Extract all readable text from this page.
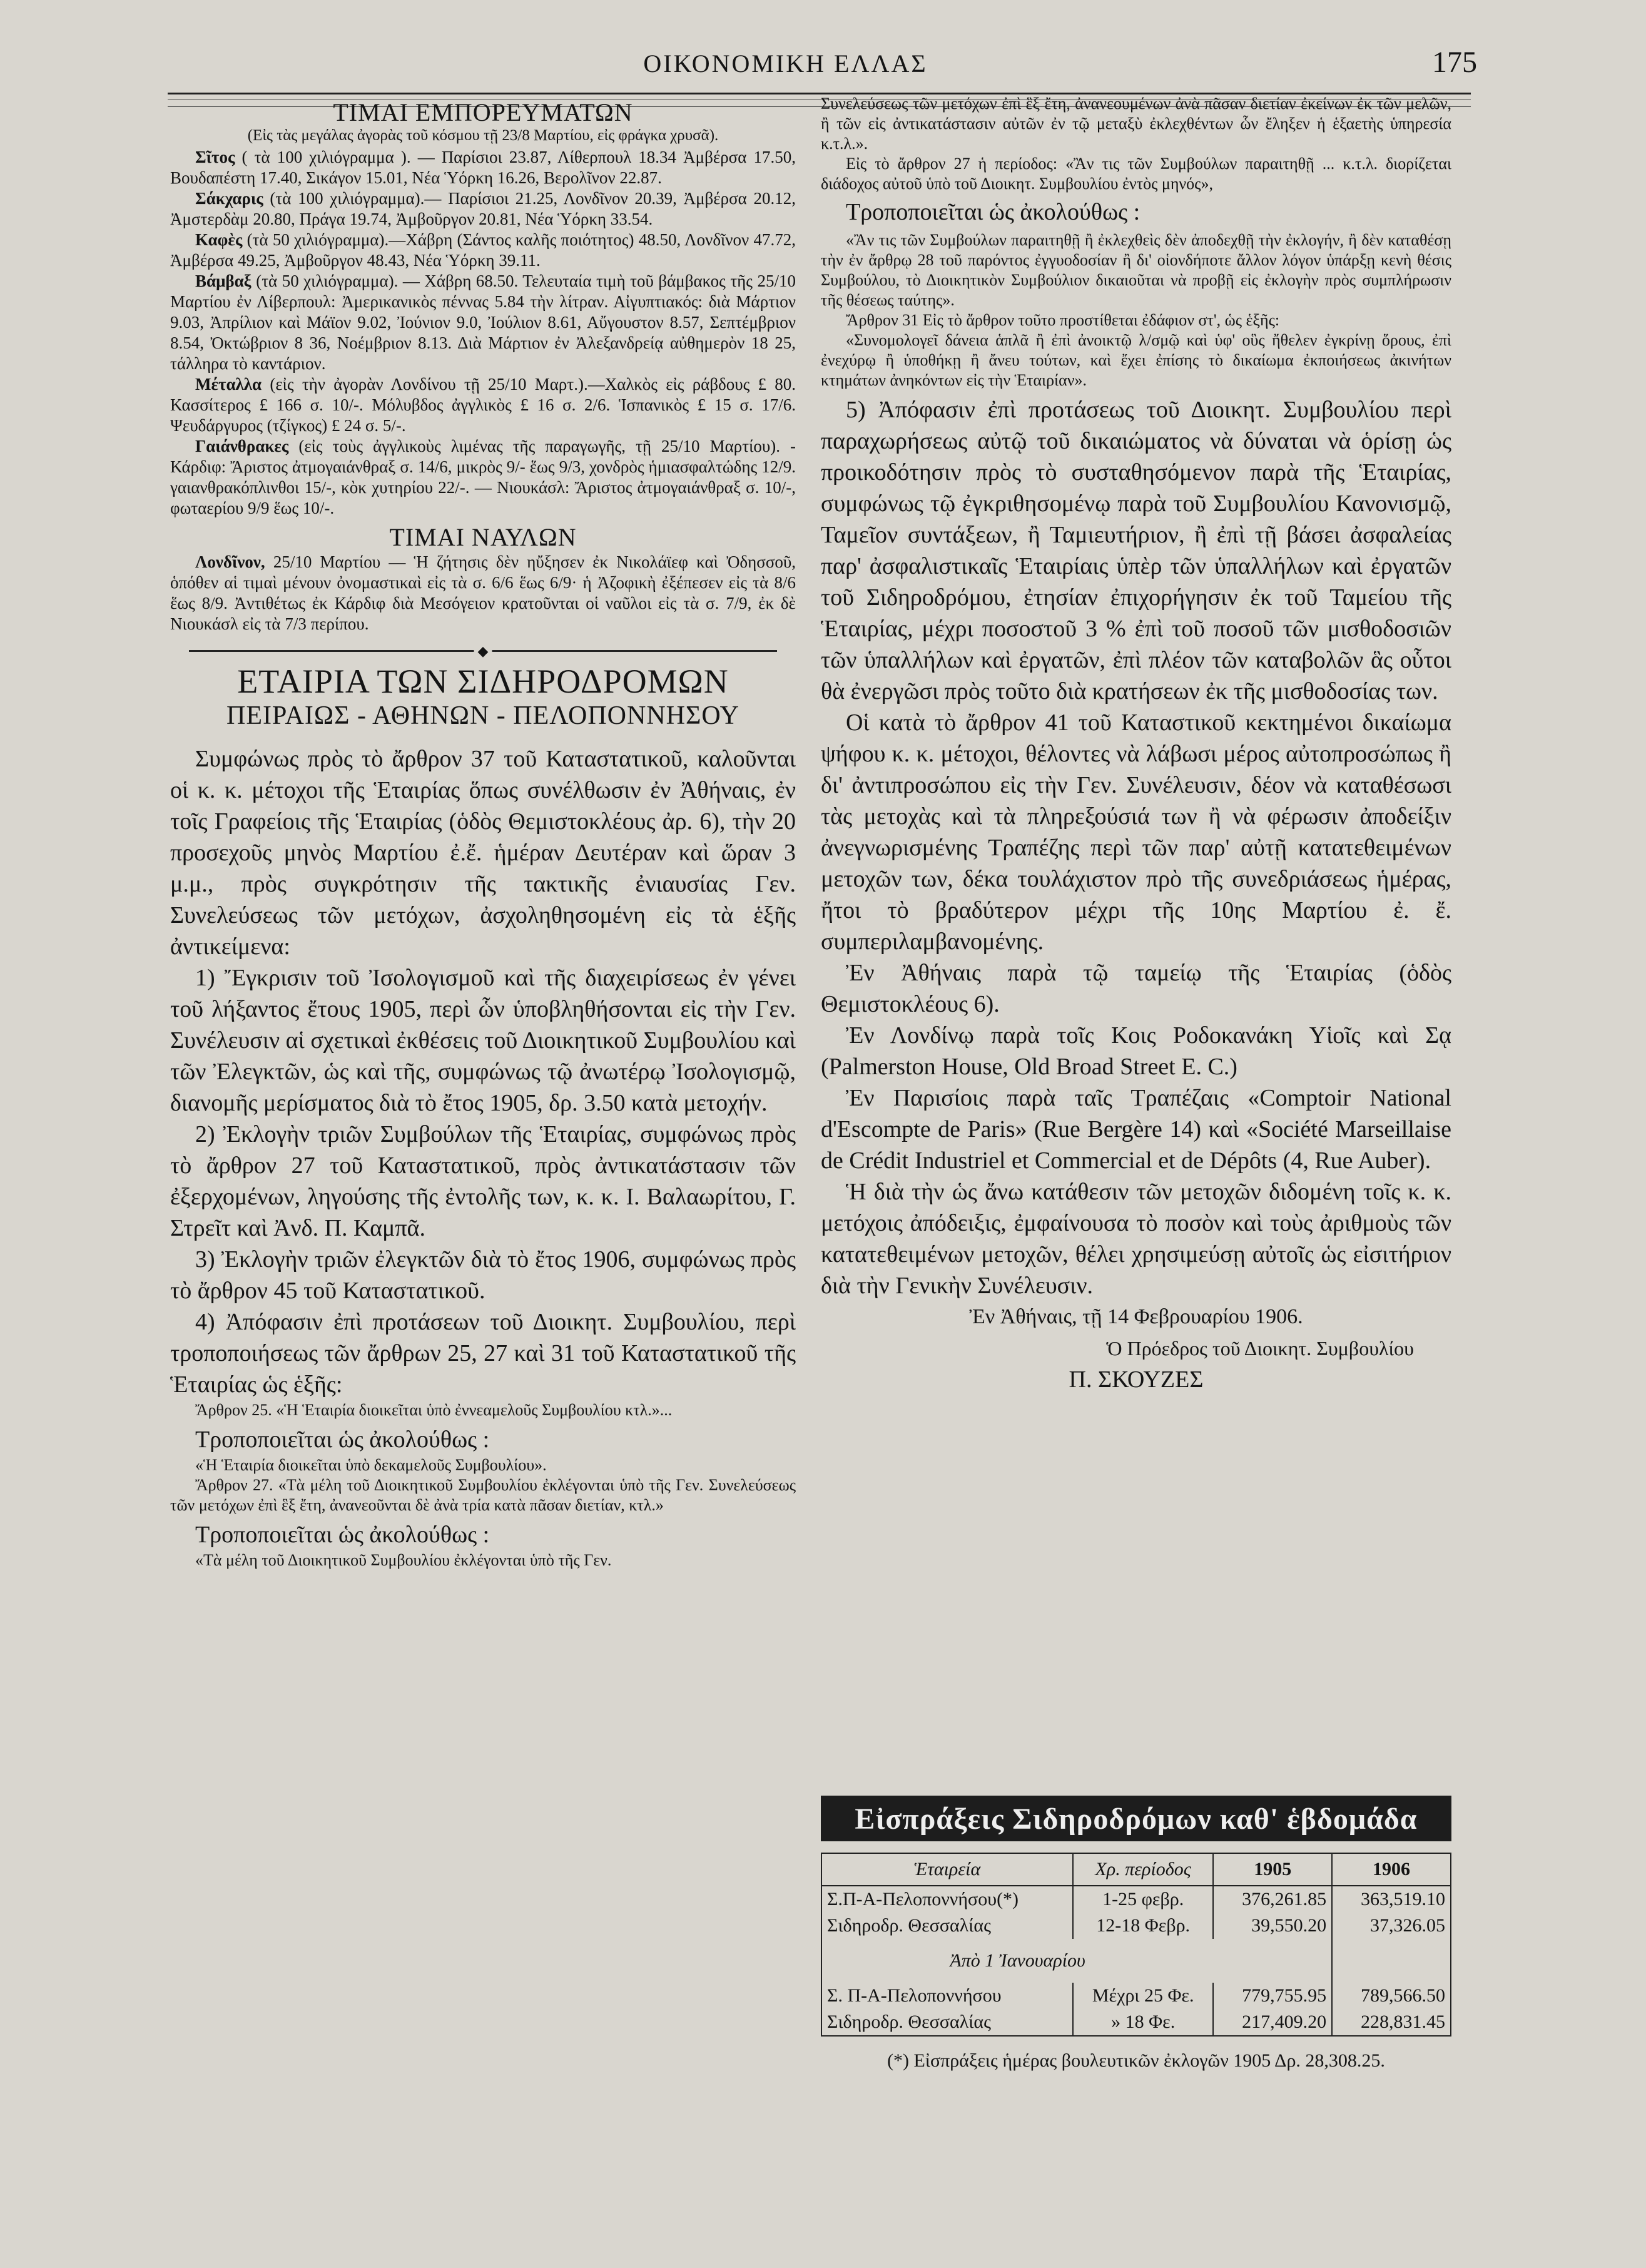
ΟΙΚΟΝΟΜΙΚΗ ΕΛΛΑΣ	175
ΤΙΜΑΙ ΕΜΠΟΡΕΥΜΑΤΩΝ
(Εἰς τὰς μεγάλας ἀγορὰς τοῦ κόσμου τῇ 23/8 Μαρτίου, εἰς φράγκα χρυσᾶ).

Σῖτος ( τὰ 100 χιλιόγραμμα ). — Παρίσιοι 23.87, Λίθερπουλ 18.34 Ἀμβέρσα 17.50, Βουδαπέστη 17.40, Σικάγον 15.01, Νέα Ὑόρκη 16.26, Βερολῖνον 22.87.

Σάκχαρις (τὰ 100 χιλιόγραμμα).— Παρίσιοι 21.25, Λονδῖνον 20.39, Ἀμβέρσα 20.12, Ἀμστερδὰμ 20.80, Πράγα 19.74, Ἀμβοῦργον 20.81, Νέα Ὑόρκη 33.54.

Καφὲς (τὰ 50 χιλιόγραμμα).—Χάβρη (Σάντος καλῆς ποιότητος) 48.50, Λονδῖνον 47.72, Ἀμβέρσα 49.25, Ἀμβοῦργον 48.43, Νέα Ὑόρκη 39.11.

Βάμβαξ (τὰ 50 χιλιόγραμμα). — Χάβρη 68.50. Τελευταία τιμὴ τοῦ βάμβακος τῆς 25/10 Μαρτίου ἐν Λίβερπουλ: Ἀμερικανικὸς πέννας 5.84 τὴν λίτραν. Αἰγυπτιακός: διὰ Μάρτιον 9.03, Ἀπρίλιον καὶ Μάϊον 9.02, Ἰούνιον 9.0, Ἰούλιον 8.61, Αὔγουστον 8.57, Σεπτέμβριον 8.54, Ὀκτώβριον 8 36, Νοέμβριον 8.13. Διὰ Μάρτιον ἐν Ἀλεξανδρείᾳ αὐθημερὸν 18 25, τάλληρα τὸ καντάριον.

Μέταλλα (εἰς τὴν ἀγορὰν Λονδίνου τῇ 25/10 Μαρτ.).—Χαλκὸς εἰς ράβδους £ 80. Κασσίτερος £ 166 σ. 10/-. Μόλυβδος ἀγγλικὸς £ 16 σ. 2/6. Ἱσπανικὸς £ 15 σ. 17/6. Ψευδάργυρος (τζίγκος) £ 24 σ. 5/-.

Γαιάνθρακες (εἰς τοὺς ἀγγλικοὺς λιμένας τῆς παραγωγῆς, τῇ 25/10 Μαρτίου). - Κάρδιφ: Ἄριστος ἀτμογαιάνθραξ σ. 14/6, μικρὸς 9/- ἕως 9/3, χονδρὸς ἡμιασφαλτώδης 12/9. γαιανθρακόπλινθοι 15/-, κὸκ χυτηρίου 22/-. — Νιουκάσλ: Ἄριστος ἀτμογαιάνθραξ σ. 10/-, φωταερίου 9/9 ἕως 10/-.

ΤΙΜΑΙ ΝΑΥΛΩΝ

Λονδῖνον, 25/10 Μαρτίου — Ἡ ζήτησις δὲν ηὔξησεν ἐκ Νικολάϊεφ καὶ Ὀδησσοῦ, ὁπόθεν αἱ τιμαὶ μένουν ὀνομαστικαὶ εἰς τὰ σ. 6/6 ἕως 6/9· ἡ Ἀζοφικὴ ἐξέπεσεν εἰς τὰ 8/6 ἕως 8/9. Ἀντιθέτως ἐκ Κάρδιφ διὰ Μεσόγειον κρατοῦνται οἱ ναῦλοι εἰς τὰ σ. 7/9, ἐκ δὲ Νιουκάσλ εἰς τὰ 7/3 περίπου.

◆
ΕΤΑΙΡΙΑ ΤΩΝ ΣΙΔΗΡΟΔΡΟΜΩΝ
ΠΕΙΡΑΙΩΣ - ΑΘΗΝΩΝ - ΠΕΛΟΠΟΝΝΗΣΟΥ

Συμφώνως πρὸς τὸ ἄρθρον 37 τοῦ Καταστατικοῦ, καλοῦνται οἱ κ. κ. μέτοχοι τῆς Ἑταιρίας ὅπως συνέλθωσιν ἐν Ἀθήναις, ἐν τοῖς Γραφείοις τῆς Ἑταιρίας (ὁδὸς Θεμιστοκλέους ἀρ. 6), τὴν 20 προσεχοῦς μηνὸς Μαρτίου ἐ.ἔ. ἡμέραν Δευτέραν καὶ ὥραν 3 μ.μ., πρὸς συγκρότησιν τῆς τακτικῆς ἐνιαυσίας Γεν. Συνελεύσεως τῶν μετόχων, ἀσχοληθησομένη εἰς τὰ ἑξῆς ἀντικείμενα:

1) Ἔγκρισιν τοῦ Ἰσολογισμοῦ καὶ τῆς διαχειρίσεως ἐν γένει τοῦ λήξαντος ἔτους 1905, περὶ ὧν ὑποβληθήσονται εἰς τὴν Γεν. Συνέλευσιν αἱ σχετικαὶ ἐκθέσεις τοῦ Διοικητικοῦ Συμβουλίου καὶ τῶν Ἐλεγκτῶν, ὡς καὶ τῆς, συμφώνως τῷ ἀνωτέρῳ Ἰσολογισμῷ, διανομῆς μερίσματος διὰ τὸ ἔτος 1905, δρ. 3.50 κατὰ μετοχήν.

2) Ἐκλογὴν τριῶν Συμβούλων τῆς Ἑταιρίας, συμφώνως πρὸς τὸ ἄρθρον 27 τοῦ Καταστατικοῦ, πρὸς ἀντικατάστασιν τῶν ἐξερχομένων, ληγούσης τῆς ἐντολῆς των, κ. κ. Ι. Βαλαωρίτου, Γ. Στρεῖτ καὶ Ἀνδ. Π. Καμπᾶ.

3) Ἐκλογὴν τριῶν ἐλεγκτῶν διὰ τὸ ἔτος 1906, συμφώνως πρὸς τὸ ἄρθρον 45 τοῦ Καταστατικοῦ.

4) Ἀπόφασιν ἐπὶ προτάσεων τοῦ Διοικητ. Συμβουλίου, περὶ τροποποιήσεως τῶν ἄρθρων 25, 27 καὶ 31 τοῦ Καταστατικοῦ τῆς Ἑταιρίας ὡς ἑξῆς:

Ἄρθρον 25. «Ἡ Ἑταιρία διοικεῖται ὑπὸ ἐννεαμελοῦς Συμβουλίου κτλ.»...

Τροποποιεῖται ὡς ἀκολούθως :

«Ἡ Ἑταιρία διοικεῖται ὑπὸ δεκαμελοῦς Συμβουλίου».

Ἄρθρον 27. «Τὰ μέλη τοῦ Διοικητικοῦ Συμβουλίου ἐκλέγονται ὑπὸ τῆς Γεν. Συνελεύσεως τῶν μετόχων ἐπὶ ἓξ ἔτη, ἀνανεοῦνται δὲ ἀνὰ τρία κατὰ πᾶσαν διετίαν, κτλ.»

Τροποποιεῖται ὡς ἀκολούθως :

«Τὰ μέλη τοῦ Διοικητικοῦ Συμβουλίου ἐκλέγονται ὑπὸ τῆς Γεν.

Συνελεύσεως τῶν μετόχων ἐπὶ ἓξ ἔτη, ἀνανεουμένων ἀνὰ πᾶσαν διετίαν ἐκείνων ἐκ τῶν μελῶν, ἢ τῶν εἰς ἀντικατάστασιν αὐτῶν ἐν τῷ μεταξὺ ἐκλεχθέντων ὧν ἔληξεν ἡ ἑξαετὴς ὑπηρεσία κ.τ.λ.».

Εἰς τὸ ἄρθρον 27 ἡ περίοδος: «Ἂν τις τῶν Συμβούλων παραιτηθῇ ... κ.τ.λ. διορίζεται διάδοχος αὐτοῦ ὑπὸ τοῦ Διοικητ. Συμβουλίου ἐντὸς μηνός»,

Τροποποιεῖται ὡς ἀκολούθως :

«Ἂν τις τῶν Συμβούλων παραιτηθῇ ἢ ἐκλεχθεὶς δὲν ἀποδεχθῇ τὴν ἐκλογήν, ἢ δὲν καταθέσῃ τὴν ἐν ἄρθρῳ 28 τοῦ παρόντος ἐγγυοδοσίαν ἢ δι' οἱονδήποτε ἄλλον λόγον ὑπάρξῃ κενὴ θέσις Συμβούλου, τὸ Διοικητικὸν Συμβούλιον δικαιοῦται νὰ προβῇ εἰς ἐκλογὴν πρὸς συμπλήρωσιν τῆς θέσεως ταύτης».

Ἄρθρον 31 Εἰς τὸ ἄρθρον τοῦτο προστίθεται ἐδάφιον στ', ὡς ἑξῆς:

«Συνομολογεῖ δάνεια ἁπλᾶ ἢ ἐπὶ ἀνοικτῷ λ/σμῷ καὶ ὑφ' οὓς ἤθελεν ἐγκρίνῃ ὅρους, ἐπὶ ἐνεχύρῳ ἢ ὑποθήκῃ ἢ ἄνευ τούτων, καὶ ἔχει ἐπίσης τὸ δικαίωμα ἐκποιήσεως ἀκινήτων κτημάτων ἀνηκόντων εἰς τὴν Ἑταιρίαν».

5) Ἀπόφασιν ἐπὶ προτάσεως τοῦ Διοικητ. Συμβουλίου περὶ παραχωρήσεως αὐτῷ τοῦ δικαιώματος νὰ δύναται νὰ ὁρίσῃ ὡς προικοδότησιν πρὸς τὸ συσταθησόμενον παρὰ τῆς Ἑταιρίας, συμφώνως τῷ ἐγκριθησομένῳ παρὰ τοῦ Συμβουλίου Κανονισμῷ, Ταμεῖον συντάξεων, ἢ Ταμιευτήριον, ἢ ἐπὶ τῇ βάσει ἀσφαλείας παρ' ἀσφαλιστικαῖς Ἑταιρίαις ὑπὲρ τῶν ὑπαλλήλων καὶ ἐργατῶν τοῦ Σιδηροδρόμου, ἐτησίαν ἐπιχορήγησιν ἐκ τοῦ Ταμείου τῆς Ἑταιρίας, μέχρι ποσοστοῦ 3 % ἐπὶ τοῦ ποσοῦ τῶν μισθοδοσιῶν τῶν ὑπαλλήλων καὶ ἐργατῶν, ἐπὶ πλέον τῶν καταβολῶν ἃς οὗτοι θὰ ἐνεργῶσι πρὸς τοῦτο διὰ κρατήσεων ἐκ τῆς μισθοδοσίας των.

Οἱ κατὰ τὸ ἄρθρον 41 τοῦ Καταστικοῦ κεκτημένοι δικαίωμα ψήφου κ. κ. μέτοχοι, θέλοντες νὰ λάβωσι μέρος αὐτοπροσώπως ἢ δι' ἀντιπροσώπου εἰς τὴν Γεν. Συνέλευσιν, δέον νὰ καταθέσωσι τὰς μετοχὰς καὶ τὰ πληρεξούσιά των ἢ νὰ φέρωσιν ἀποδείξιν ἀνεγνωρισμένης Τραπέζης περὶ τῶν παρ' αὐτῇ κατατεθειμένων μετοχῶν των, δέκα τουλάχιστον πρὸ τῆς συνεδριάσεως ἡμέρας, ἤτοι τὸ βραδύτερον μέχρι τῆς 10ης Μαρτίου ἐ. ἔ. συμπεριλαμβανομένης.

Ἐν Ἀθήναις παρὰ τῷ ταμείῳ τῆς Ἑταιρίας (ὁδὸς Θεμιστοκλέους 6).

Ἐν Λονδίνῳ παρὰ τοῖς Κοις Ροδοκανάκη Υἱοῖς καὶ Σᾳ (Palmerston House, Old Broad Street E. C.)

Ἐν Παρισίοις παρὰ ταῖς Τραπέζαις «Comptoir National d'Escompte de Paris» (Rue Bergère 14) καὶ «Société Marseillaise de Crédit Industriel et Commercial et de Dépôts (4, Rue Auber).

Ἡ διὰ τὴν ὡς ἄνω κατάθεσιν τῶν μετοχῶν διδομένη τοῖς κ. κ. μετόχοις ἀπόδειξις, ἐμφαίνουσα τὸ ποσὸν καὶ τοὺς ἀριθμοὺς τῶν κατατεθειμένων μετοχῶν, θέλει χρησιμεύσῃ αὐτοῖς ὡς εἰσιτήριον διὰ τὴν Γενικὴν Συνέλευσιν.

Ἐν Ἀθήναις, τῇ 14 Φεβρουαρίου 1906.

Ὁ Πρόεδρος τοῦ Διοικητ. Συμβουλίου

Π. ΣΚΟΥΖΕΣ

Εἰσπράξεις Σιδηροδρόμων καθ' ἑβδομάδα
Ἑταιρεία	Χρ. περίοδος	1905	1906
Σ.Π-Α-Πελοποννήσου(*)	1-25 φεβρ.	376,261.85	363,519.10
Σιδηροδρ. Θεσσαλίας	12-18 Φεβρ.	39,550.20	37,326.05
Ἀπὸ 1 Ἰανουαρίου			
Σ. Π-Α-Πελοποννήσου	Μέχρι 25 Φε.	779,755.95	789,566.50
Σιδηροδρ. Θεσσαλίας	» 18 Φε.	217,409.20	228,831.45
(*) Εἰσπράξεις ἡμέρας βουλευτικῶν ἐκλογῶν 1905 Δρ. 28,308.25.
